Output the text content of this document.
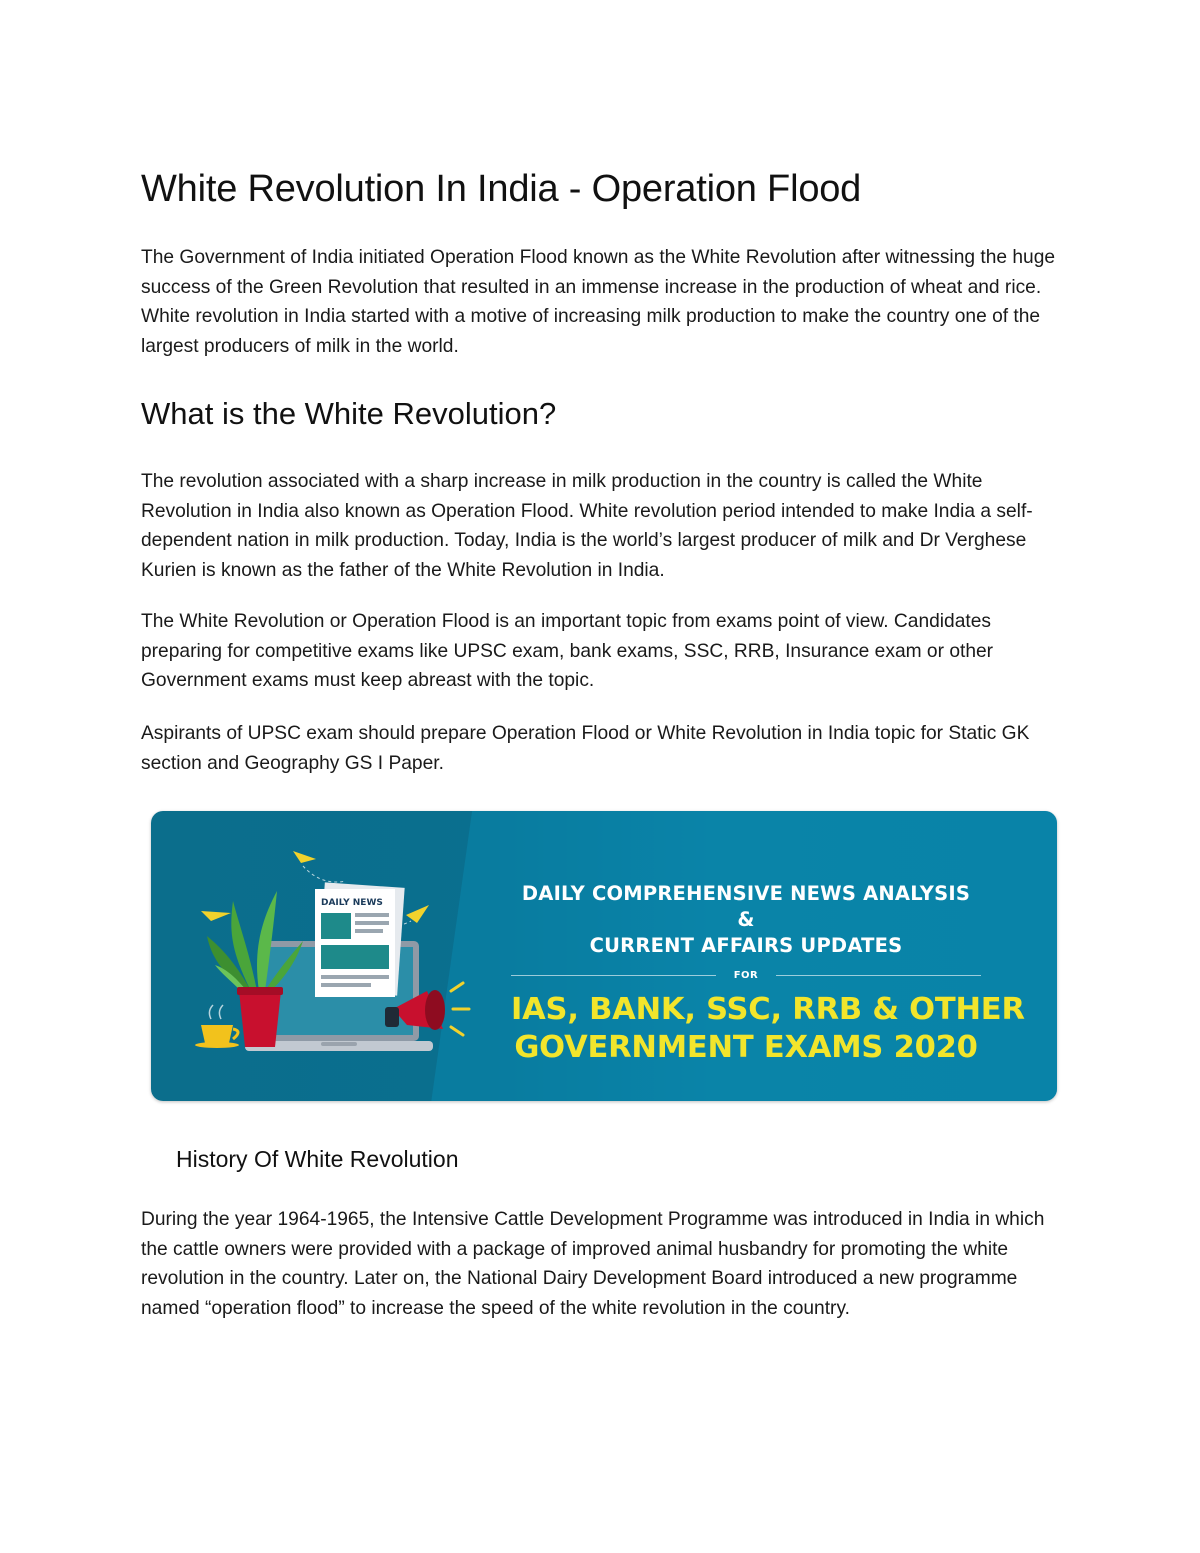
White Revolution In India - Operation Flood

The Government of India initiated Operation Flood known as the White Revolution after witnessing the huge success of the Green Revolution that resulted in an immense increase in the production of wheat and rice. White revolution in India started with a motive of increasing milk production to make the country one of the largest producers of milk in the world.

What is the White Revolution?

The revolution associated with a sharp increase in milk production in the country is called the White Revolution in India also known as Operation Flood. White revolution period intended to make India a self-dependent nation in milk production. Today, India is the world’s largest producer of milk and Dr Verghese Kurien is known as the father of the White Revolution in India.

The White Revolution or Operation Flood is an important topic from exams point of view. Candidates preparing for competitive exams like UPSC exam, bank exams, SSC, RRB, Insurance exam or other Government exams must keep abreast with the topic.

Aspirants of UPSC exam should prepare Operation Flood or White Revolution in India topic for Static GK section and Geography GS I Paper.

DAILY NEWS	DAILY COMPREHENSIVE NEWS ANALYSIS &
CURRENT AFFAIRS UPDATES
FOR
IAS, BANK, SSC, RRB & OTHER
GOVERNMENT EXAMS 2020
History Of White Revolution

During the year 1964-1965, the Intensive Cattle Development Programme was introduced in India in which the cattle owners were provided with a package of improved animal husbandry for promoting the white revolution in the country. Later on, the National Dairy Development Board introduced a new programme named “operation flood” to increase the speed of the white revolution in the country.
